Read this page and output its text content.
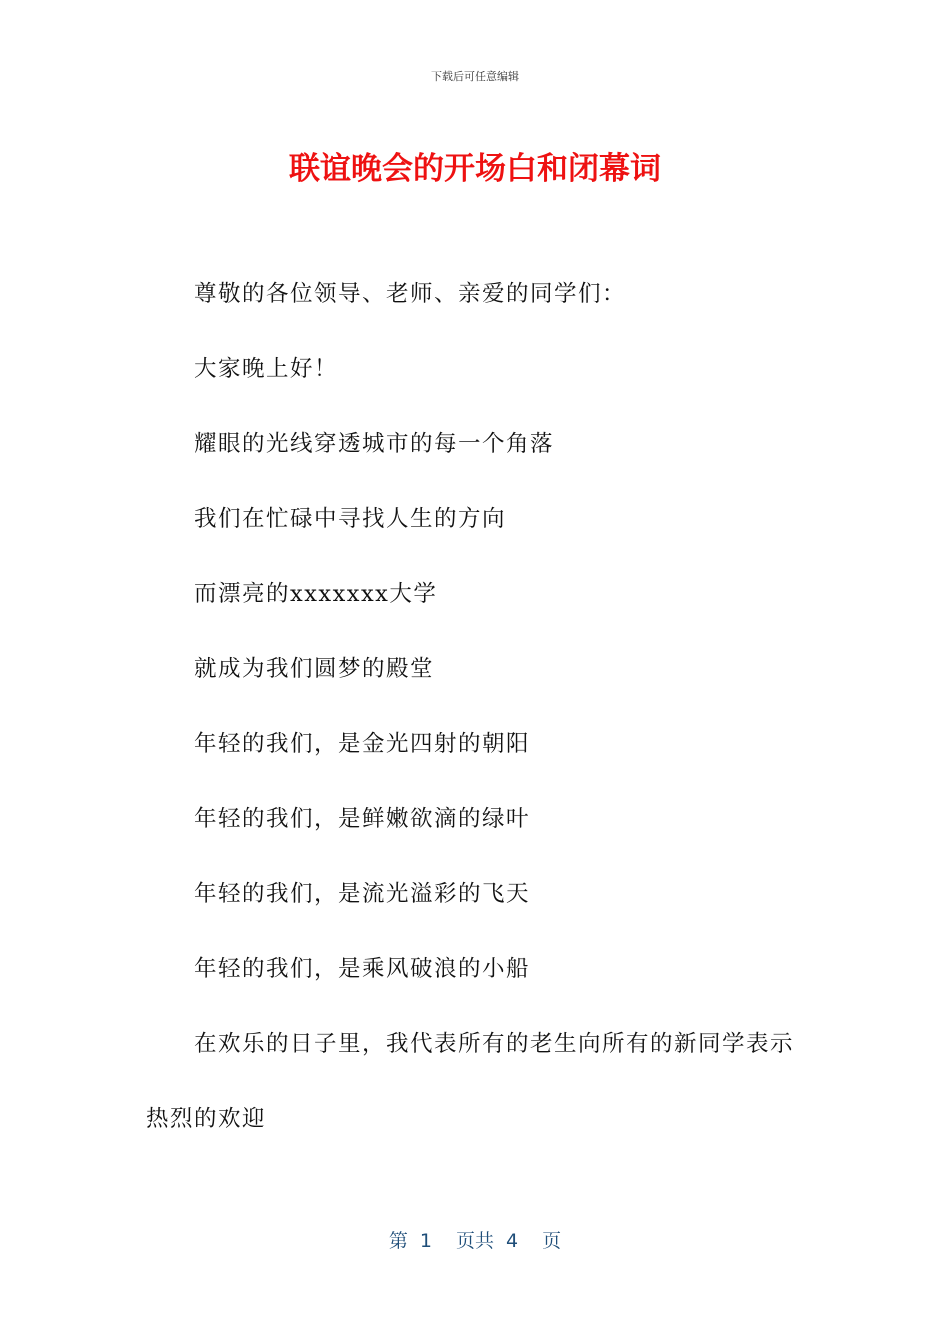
下载后可任意编辑
联谊晚会的开场白和闭幕词

尊敬的各位领导、老师、亲爱的同学们：

大家晚上好！

耀眼的光线穿透城市的每一个角落

我们在忙碌中寻找人生的方向

而漂亮的xxxxxxx大学

就成为我们圆梦的殿堂

年轻的我们，是金光四射的朝阳

年轻的我们，是鲜嫩欲滴的绿叶

年轻的我们，是流光溢彩的飞天

年轻的我们，是乘风破浪的小船

在欢乐的日子里，我代表所有的老生向所有的新同学表示热烈的欢迎

第 1 页共 4 页
